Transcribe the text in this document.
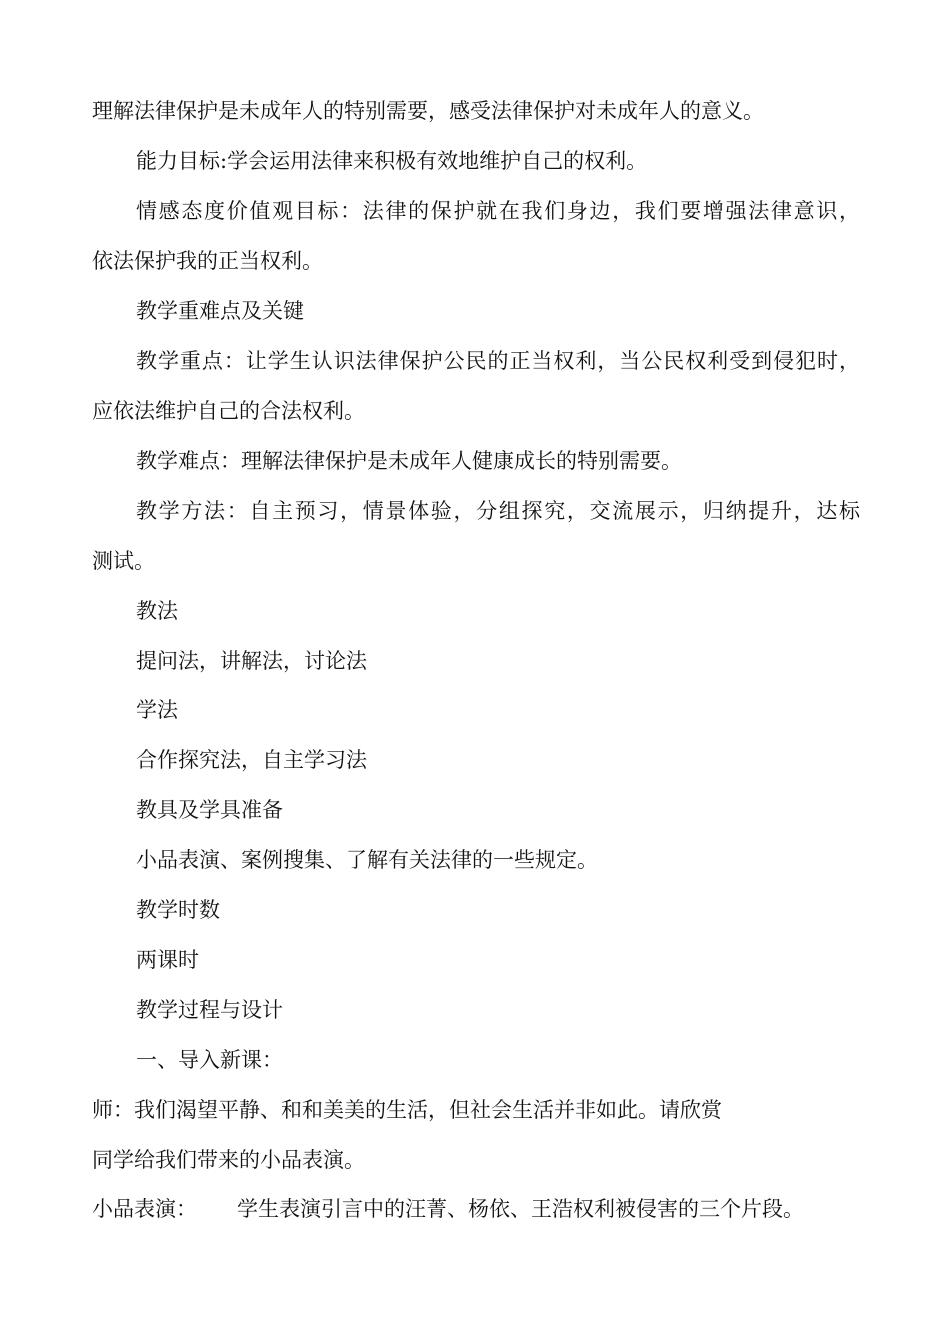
理解法律保护是未成年人的特别需要，感受法律保护对未成年人的意义。
能力目标:学会运用法律来积极有效地维护自己的权利。
情感态度价值观目标：法律的保护就在我们身边，我们要增强法律意识，
依法保护我的正当权利。
教学重难点及关键
教学重点：让学生认识法律保护公民的正当权利，当公民权利受到侵犯时，
应依法维护自己的合法权利。
教学难点：理解法律保护是未成年人健康成长的特别需要。
教学方法：自主预习，情景体验，分组探究，交流展示，归纳提升，达标
测试。
教法
提问法，讲解法，讨论法
学法
合作探究法，自主学习法
教具及学具准备
小品表演、案例搜集、了解有关法律的一些规定。
教学时数
两课时
教学过程与设计
一、导入新课：
师：我们渴望平静、和和美美的生活，但社会生活并非如此。请欣赏
同学给我们带来的小品表演。
小品表演： 学生表演引言中的汪菁、杨依、王浩权利被侵害的三个片段。
